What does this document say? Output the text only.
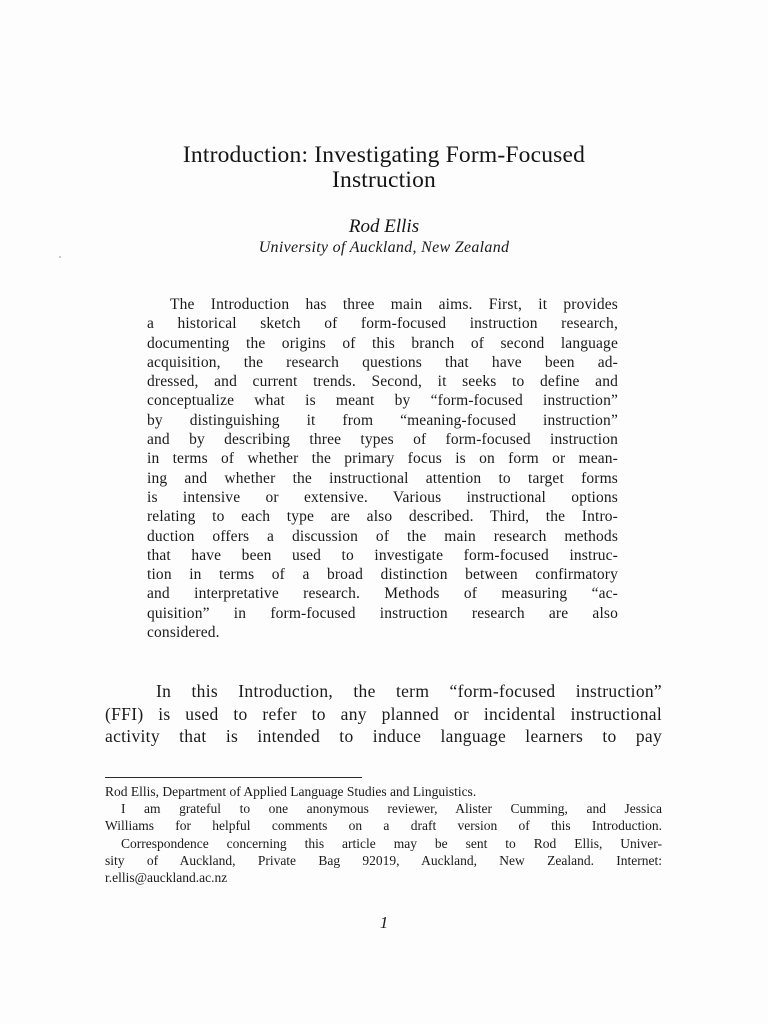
Introduction: Investigating Form-Focused
Instruction
Rod Ellis
University of Auckland, New Zealand
The Introduction has three main aims. First, it provides
a historical sketch of form-focused instruction research,
documenting the origins of this branch of second language
acquisition, the research questions that have been ad-
dressed, and current trends. Second, it seeks to define and
conceptualize what is meant by “form-focused instruction”
by distinguishing it from “meaning-focused instruction”
and by describing three types of form-focused instruction
in terms of whether the primary focus is on form or mean-
ing and whether the instructional attention to target forms
is intensive or extensive. Various instructional options
relating to each type are also described. Third, the Intro-
duction offers a discussion of the main research methods
that have been used to investigate form-focused instruc-
tion in terms of a broad distinction between confirmatory
and interpretative research. Methods of measuring “ac-
quisition” in form-focused instruction research are also
considered.
In this Introduction, the term “form-focused instruction”
(FFI) is used to refer to any planned or incidental instructional
activity that is intended to induce language learners to pay
Rod Ellis, Department of Applied Language Studies and Linguistics.
I am grateful to one anonymous reviewer, Alister Cumming, and Jessica
Williams for helpful comments on a draft version of this Introduction.
Correspondence concerning this article may be sent to Rod Ellis, Univer-
sity of Auckland, Private Bag 92019, Auckland, New Zealand. Internet:
r.ellis@auckland.ac.nz
1
